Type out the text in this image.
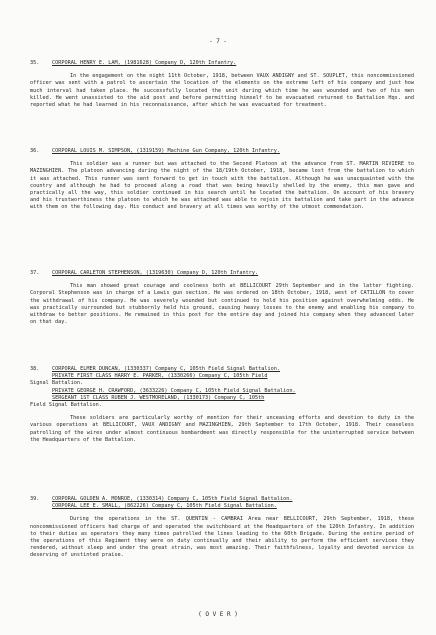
- 7 -
35.	CORPORAL HENRY E. LAM, (1981628) Company D, 120th Infantry.

In the engagement on the night 11th October, 1918, between VAUX ANDIGNY and ST. SOUPLET, this noncommissioned officer was sent with a patrol to ascertain the location of the elements on the extreme left of his company and just how much interval had taken place. He successfully located the unit during which time he was wounded and two of his men killed. He went unassisted to the aid post and before permitting himself to be evacuated returned to Battalion Hqs. and reported what he had learned in his reconnaissance, after which he was evacuated for treatment.

36.	CORPORAL LOUIS M. SIMPSON, (1319159) Machine Gun Company, 120th Infantry.

This soldier was a runner but was attached to the Second Platoon at the advance from ST. MARTIN RIVIERE to MAZINGHIEN. The platoon advancing during the night of the 18/19th October, 1918, became lost from the battalion to which it was attached. This runner was sent forward to get in touch with the battalion. Although he was unacquainted with the country and although he had to proceed along a road that was being heavily shelled by the enemy, this man gave and practically all the way, this soldier continued in his search until he located the battalion. On account of his bravery and his trustworthiness the platoon to which he was attached was able to rejoin its battalion and take part in the advance with them on the following day. His conduct and bravery at all times was worthy of the utmost commendation.

37.	CORPORAL CARLETON STEPHENSON, (1319630) Company D, 120th Infantry.

This man showed great courage and coolness both at BELLICOURT 29th September and in the latter fighting. Corporal Stephenson was in charge of a Lewis gun section. He was ordered on 18th October, 1918, west of CATILLON to cover the withdrawal of his company. He was severely wounded but continued to hold his position against overwhelming odds. He was practically surrounded but stubbornly held his ground, causing heavy losses to the enemy and enabling his company to withdraw to better positions. He remained in this post for the entire day and joined his company when they advanced later on that day.

38.	CORPORAL ELMER DUNCAN, (1330337) Company C, 105th Field Signal Battalion.
PRIVATE FIRST CLASS HARRY E. PARKER, (1330266) Company C, 105th Field
Signal Battalion.
PRIVATE GEORGE H. CRAWFORD, (3633226) Company C, 105th Field Signal Battalion.
SERGEANT 1ST CLASS RUBEN J. WESTMORELAND, (1330173) Company C, 105th
Field Signal Battalion.

These soldiers are particularly worthy of mention for their unceasing efforts and devotion to duty in the various operations at BELLICOURT, VAUX ANDIGNY and MAZINGHIEN, 29th September to 17th October, 1918. Their ceaseless patrolling of the wires under almost continuous bombardment was directly responsible for the uninterrupted service between the Headquarters of the Battalion.

39.	CORPORAL GOLDEN A. MONROE, (1330314) Company C, 105th Field Signal Battalion.
CORPORAL LEE E. SMALL, (862226) Company C, 105th Field Signal Battalion.

During the operations in the ST. QUENTIN - CAMBRAI Area near BELLICOURT, 29th September, 1918, these noncommissioned officers had charge of and operated the switchboard at the Headquarters of the 120th Infantry. In addition to their duties as operators they many times patrolled the lines leading to the 60th Brigade. During the entire period of the operations of this Regiment they were on duty continually and their ability to perform the efficient services they rendered, without sleep and under the great strain, was most amazing. Their faithfulness, loyalty and devoted service is deserving of unstinted praise.

( O V E R )
